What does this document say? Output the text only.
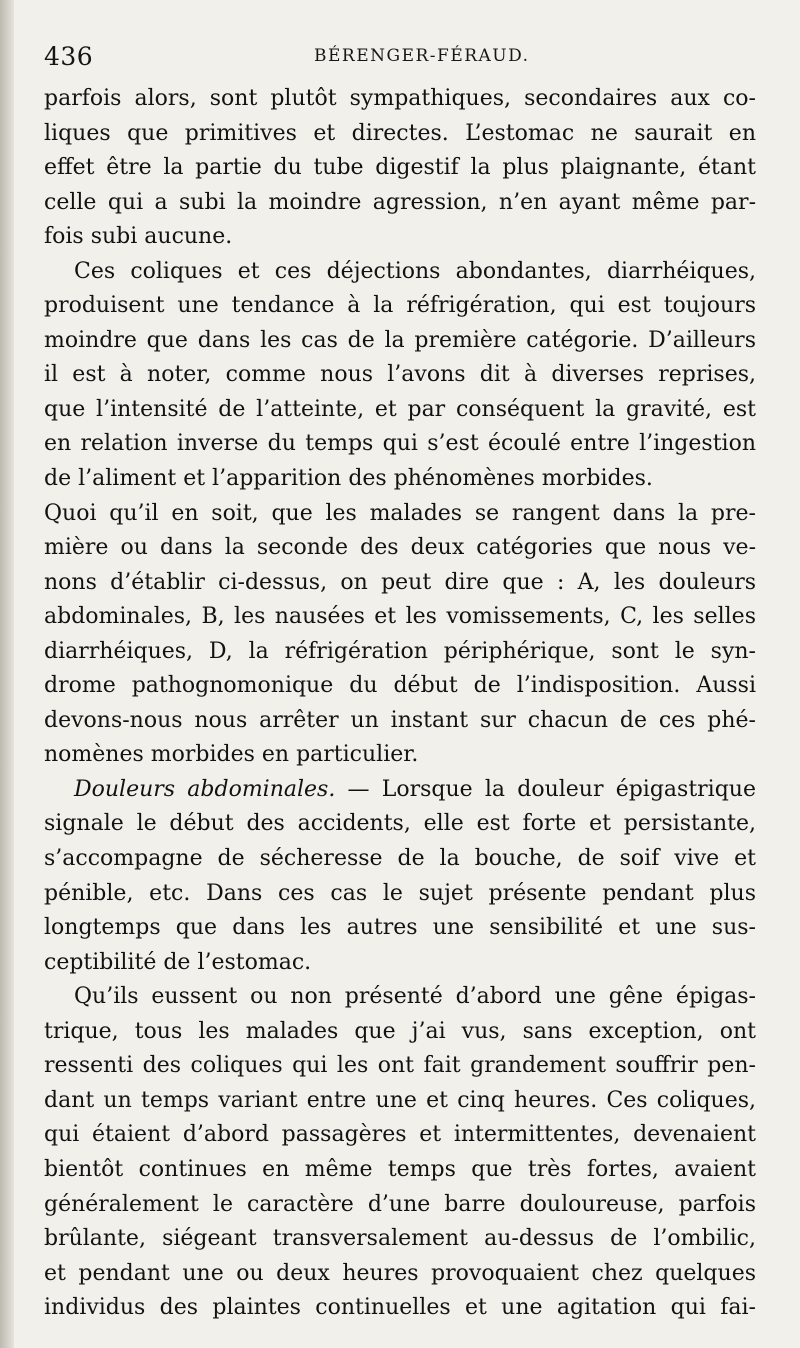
436	BÉRENGER-FÉRAUD.
parfois alors, sont plutôt sympathiques, secondaires aux co-
liques que primitives et directes. L’estomac ne saurait en
effet être la partie du tube digestif la plus plaignante, étant
celle qui a subi la moindre agression, n’en ayant même par-
fois subi aucune.
Ces coliques et ces déjections abondantes, diarrhéiques,
produisent une tendance à la réfrigération, qui est toujours
moindre que dans les cas de la première catégorie. D’ailleurs
il est à noter, comme nous l’avons dit à diverses reprises,
que l’intensité de l’atteinte, et par conséquent la gravité, est
en relation inverse du temps qui s’est écoulé entre l’ingestion
de l’aliment et l’apparition des phénomènes morbides.
Quoi qu’il en soit, que les malades se rangent dans la pre-
mière ou dans la seconde des deux catégories que nous ve-
nons d’établir ci-dessus, on peut dire que : A, les douleurs
abdominales, B, les nausées et les vomissements, C, les selles
diarrhéiques, D, la réfrigération périphérique, sont le syn-
drome pathognomonique du début de l’indisposition. Aussi
devons-nous nous arrêter un instant sur chacun de ces phé-
nomènes morbides en particulier.
Douleurs abdominales. — Lorsque la douleur épigastrique
signale le début des accidents, elle est forte et persistante,
s’accompagne de sécheresse de la bouche, de soif vive et
pénible, etc. Dans ces cas le sujet présente pendant plus
longtemps que dans les autres une sensibilité et une sus-
ceptibilité de l’estomac.
Qu’ils eussent ou non présenté d’abord une gêne épigas-
trique, tous les malades que j’ai vus, sans exception, ont
ressenti des coliques qui les ont fait grandement souffrir pen-
dant un temps variant entre une et cinq heures. Ces coliques,
qui étaient d’abord passagères et intermittentes, devenaient
bientôt continues en même temps que très fortes, avaient
généralement le caractère d’une barre douloureuse, parfois
brûlante, siégeant transversalement au-dessus de l’ombilic,
et pendant une ou deux heures provoquaient chez quelques
individus des plaintes continuelles et une agitation qui fai-
